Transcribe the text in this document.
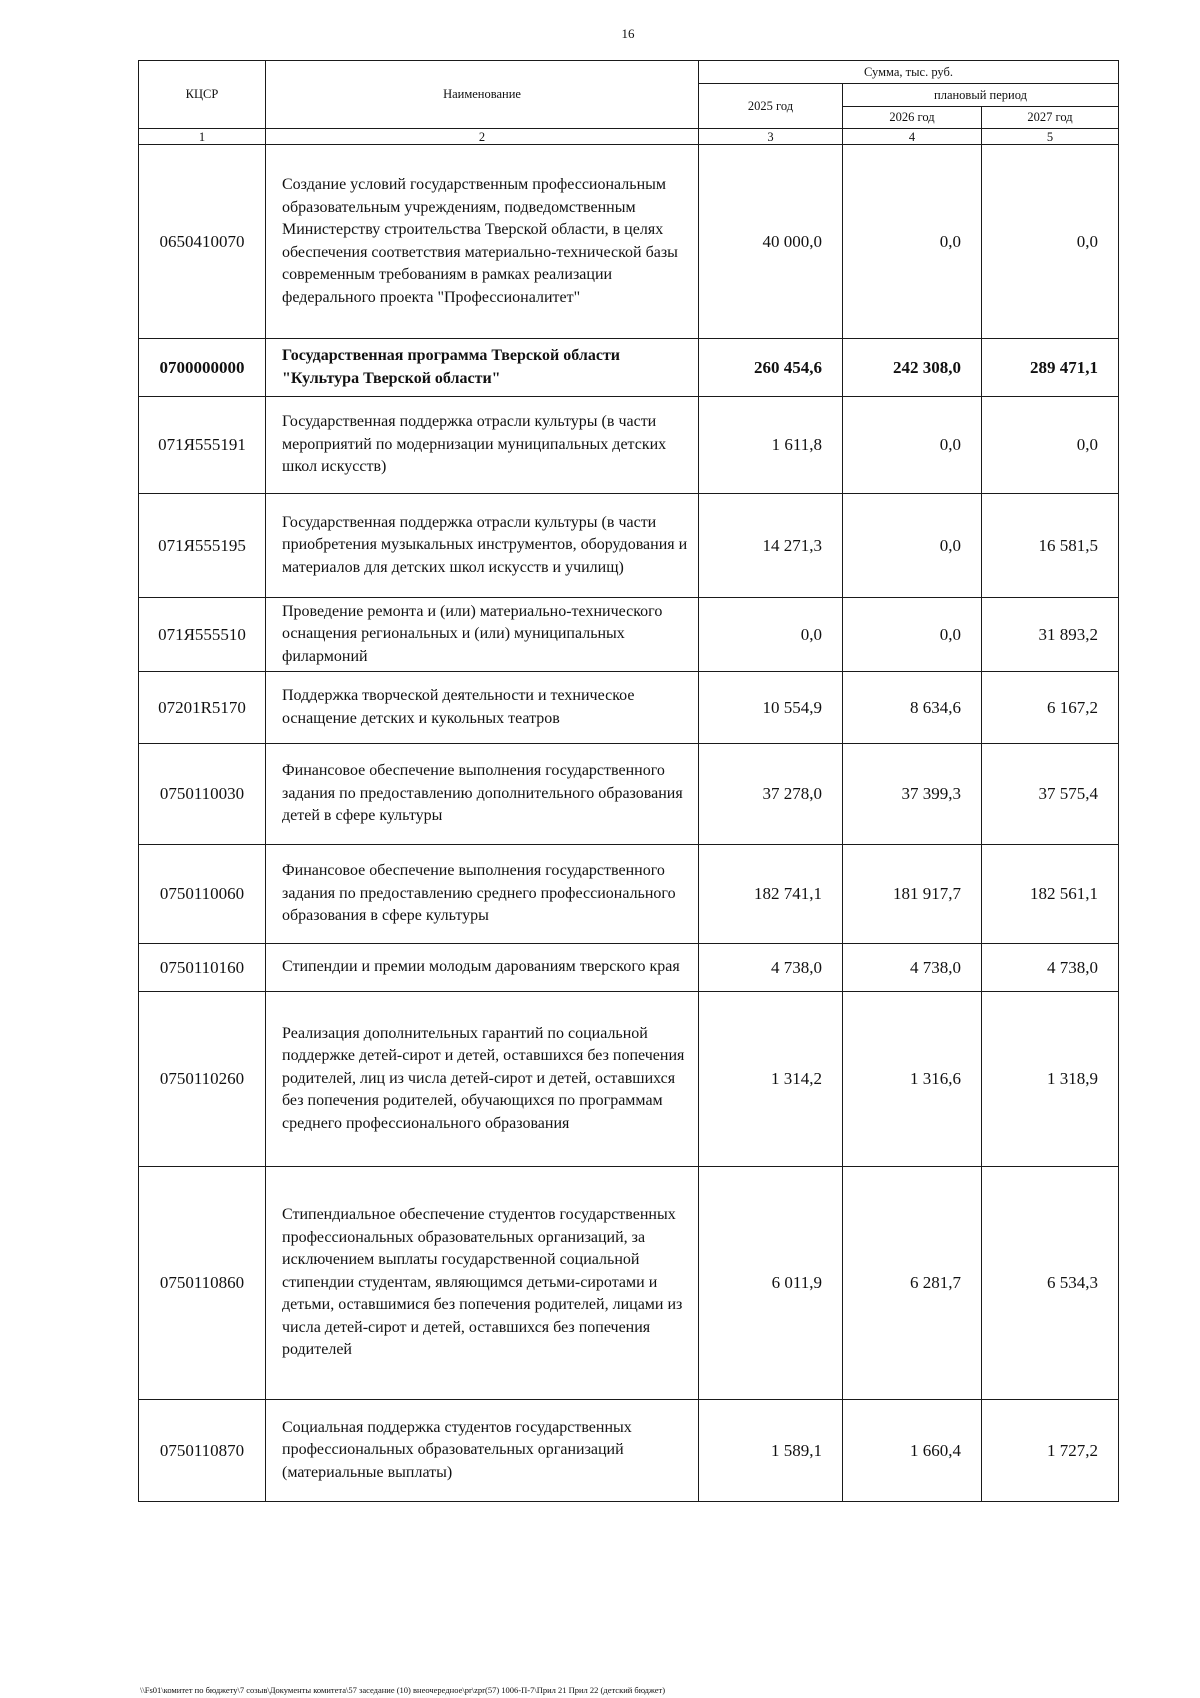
16
КЦСР	Наименование	Сумма, тыс. руб.		
		2025 год	плановый период	
			2026 год	2027 год
1	2	3	4	5
0650410070	Создание условий государственным профессиональным образовательным учреждениям, подведомственным Министерству строительства Тверской области, в целях обеспечения соответствия материально-технической базы современным требованиям в рамках реализации федерального проекта "Профессионалитет"	40 000,0	0,0	0,0
0700000000	Государственная программа Тверской области "Культура Тверской области"	260 454,6	242 308,0	289 471,1
071Я555191	Государственная поддержка отрасли культуры (в части мероприятий по модернизации муниципальных детских школ искусств)	1 611,8	0,0	0,0
071Я555195	Государственная поддержка отрасли культуры (в части приобретения музыкальных инструментов, оборудования и материалов для детских школ искусств и училищ)	14 271,3	0,0	16 581,5
071Я555510	Проведение ремонта и (или) материально-технического оснащения региональных и (или) муниципальных филармоний	0,0	0,0	31 893,2
07201R5170	Поддержка творческой деятельности и техническое оснащение детских и кукольных театров	10 554,9	8 634,6	6 167,2
0750110030	Финансовое обеспечение выполнения государственного задания по предоставлению дополнительного образования детей в сфере культуры	37 278,0	37 399,3	37 575,4
0750110060	Финансовое обеспечение выполнения государственного задания по предоставлению среднего профессионального образования в сфере культуры	182 741,1	181 917,7	182 561,1
0750110160	Стипендии и премии молодым дарованиям тверского края	4 738,0	4 738,0	4 738,0
0750110260	Реализация дополнительных гарантий по социальной поддержке детей-сирот и детей, оставшихся без попечения родителей, лиц из числа детей-сирот и детей, оставшихся без попечения родителей, обучающихся по программам среднего профессионального образования	1 314,2	1 316,6	1 318,9
0750110860	Стипендиальное обеспечение студентов государственных профессиональных образовательных организаций, за исключением выплаты государственной социальной стипендии студентам, являющимся детьми-сиротами и детьми, оставшимися без попечения родителей, лицами из числа детей-сирот и детей, оставшихся без попечения родителей	6 011,9	6 281,7	6 534,3
0750110870	Социальная поддержка студентов государственных профессиональных образовательных организаций (материальные выплаты)	1 589,1	1 660,4	1 727,2
\\Fs01\комитет по бюджету\7 созыв\Документы комитета\57 заседание (10) внеочередное\pr\zpr(57) 1006-П-7\Прил 21 Прил 22 (детский бюджет)
